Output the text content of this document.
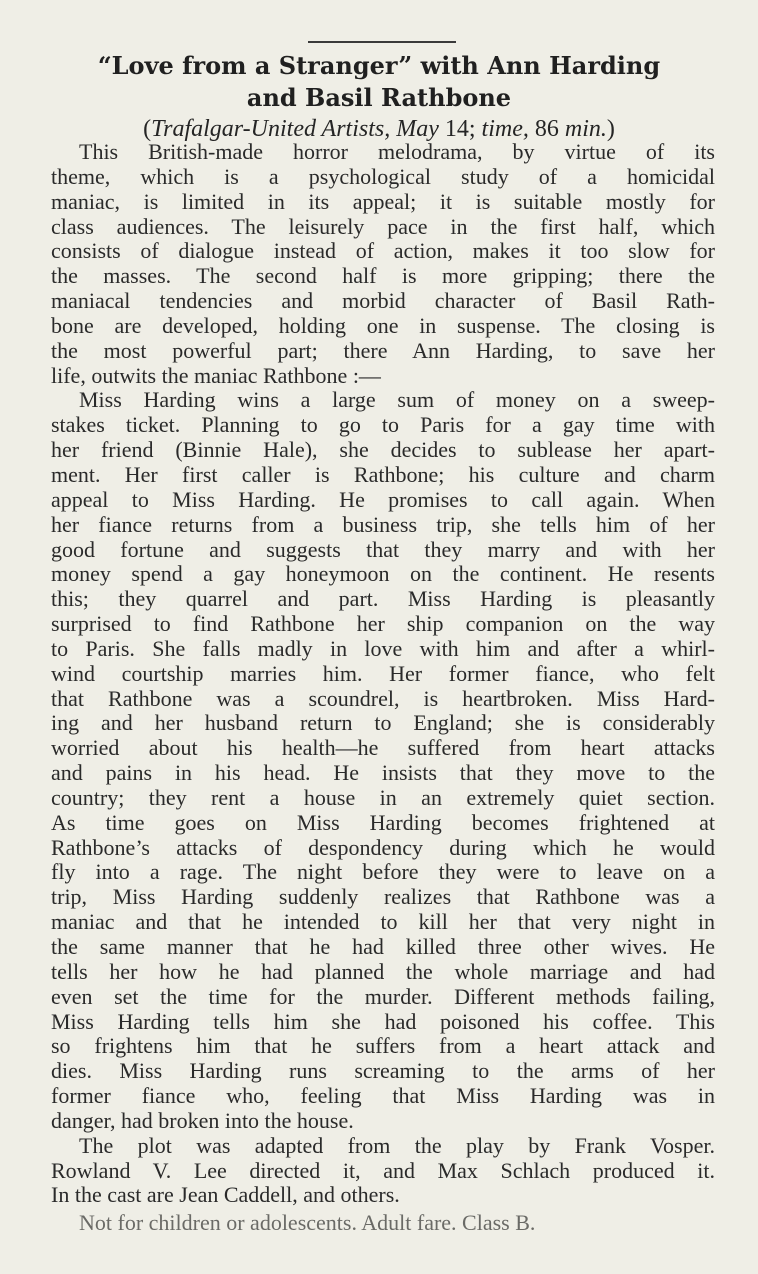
“Love from a Stranger” with Ann Harding
and Basil Rathbone
(Trafalgar-United Artists, May 14; time, 86 min.)
This British-made horror melodrama, by virtue of its
theme, which is a psychological study of a homicidal
maniac, is limited in its appeal; it is suitable mostly for
class audiences. The leisurely pace in the first half, which
consists of dialogue instead of action, makes it too slow for
the masses. The second half is more gripping; there the
maniacal tendencies and morbid character of Basil Rath-
bone are developed, holding one in suspense. The closing is
the most powerful part; there Ann Harding, to save her
life, outwits the maniac Rathbone :—
Miss Harding wins a large sum of money on a sweep-
stakes ticket. Planning to go to Paris for a gay time with
her friend (Binnie Hale), she decides to sublease her apart-
ment. Her first caller is Rathbone; his culture and charm
appeal to Miss Harding. He promises to call again. When
her fiance returns from a business trip, she tells him of her
good fortune and suggests that they marry and with her
money spend a gay honeymoon on the continent. He resents
this; they quarrel and part. Miss Harding is pleasantly
surprised to find Rathbone her ship companion on the way
to Paris. She falls madly in love with him and after a whirl-
wind courtship marries him. Her former fiance, who felt
that Rathbone was a scoundrel, is heartbroken. Miss Hard-
ing and her husband return to England; she is considerably
worried about his health—he suffered from heart attacks
and pains in his head. He insists that they move to the
country; they rent a house in an extremely quiet section.
As time goes on Miss Harding becomes frightened at
Rathbone’s attacks of despondency during which he would
fly into a rage. The night before they were to leave on a
trip, Miss Harding suddenly realizes that Rathbone was a
maniac and that he intended to kill her that very night in
the same manner that he had killed three other wives. He
tells her how he had planned the whole marriage and had
even set the time for the murder. Different methods failing,
Miss Harding tells him she had poisoned his coffee. This
so frightens him that he suffers from a heart attack and
dies. Miss Harding runs screaming to the arms of her
former fiance who, feeling that Miss Harding was in
danger, had broken into the house.
The plot was adapted from the play by Frank Vosper.
Rowland V. Lee directed it, and Max Schlach produced it.
In the cast are Jean Caddell, and others.
Not for children or adolescents. Adult fare. Class B.
